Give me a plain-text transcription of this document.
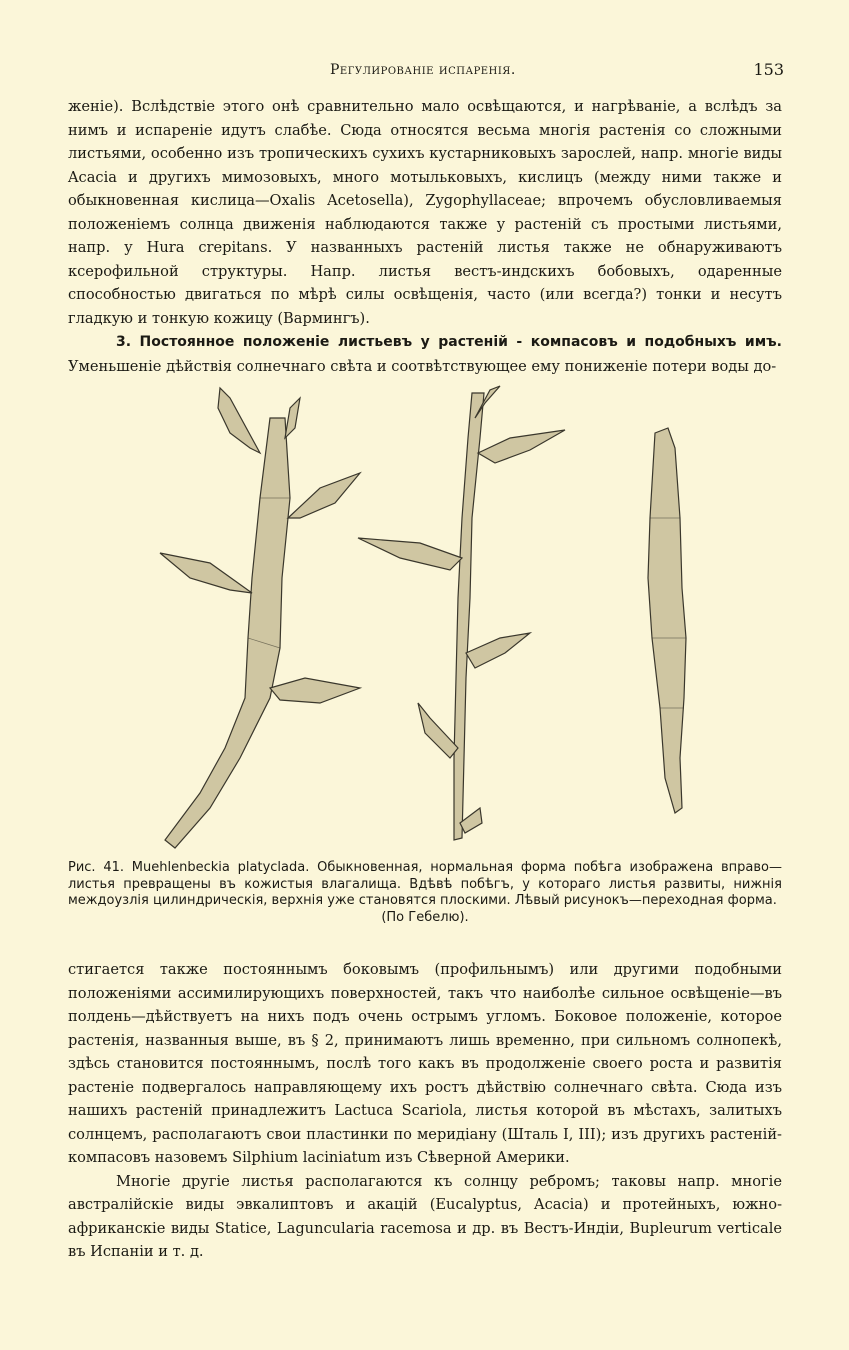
Регулированіе испаренія.	153

женіе). Вслѣдствіе этого онѣ сравнительно мало освѣщаются, и нагрѣваніе, а вслѣдъ за нимъ и испареніе идутъ слабѣе. Сюда относятся весьма многія растенія со сложными листьями, особенно изъ тропическихъ сухихъ кустарниковыхъ зарослей, напр. многіе виды Acacia и другихъ мимозовыхъ, много мотыльковыхъ, кислицъ (между ними также и обыкновенная кислица—Oxalis Acetosella), Zygophyllaceae; впрочемъ обусловливаемыя положеніемъ солнца движенія наблюдаются также у растеній съ простыми листьями, напр. у Hura crepitans. У названныхъ растеній листья также не обнаруживаютъ ксерофильной структуры. Напр. листья вестъ-индскихъ бобовыхъ, одаренные способностью двигаться по мѣрѣ силы освѣщенія, часто (или всегда?) тонки и несутъ гладкую и тонкую кожицу (Вармингъ).

3. Постоянное положеніе листьевъ у растеній - компасовъ и подобныхъ имъ. Уменьшеніе дѣйствія солнечнаго свѣта и соотвѣтствующее ему пониженіе потери воды до-

Рис. 41. Muehlenbeckia platyclada. Обыкновенная, нормальная форма побѣга изображена вправо—листья превращены въ кожистыя влагалища. Вдѣвѣ побѣгъ, у котораго листья развиты, нижнія междоузлія цилиндрическія, верхнія уже становятся плоскими. Лѣвый рисунокъ—переходная форма.
(По Гебелю).

стигается также постояннымъ боковымъ (профильнымъ) или другими подобными положеніями ассимилирующихъ поверхностей, такъ что наиболѣе сильное освѣщеніе—въ полдень—дѣйствуетъ на нихъ подъ очень острымъ угломъ. Боковое положеніе, которое растенія, названныя выше, въ § 2, принимаютъ лишь временно, при сильномъ солнопекѣ, здѣсь становится постояннымъ, послѣ того какъ въ продолженіе своего роста и развитія растеніе подвергалось направляющему ихъ ростъ дѣйствію солнечнаго свѣта. Сюда изъ нашихъ растеній принадлежитъ Lactuca Scariola, листья которой въ мѣстахъ, залитыхъ солнцемъ, располагаютъ свои пластинки по меридіану (Шталь I, III); изъ другихъ растеній-компасовъ назовемъ Silphium laciniatum изъ Сѣверной Америки.

Многіе другіе листья располагаются къ солнцу ребромъ; таковы напр. многіе австралійскіе виды эвкалиптовъ и акацій (Eucalyptus, Acacia) и протейныхъ, южно-африканскіе виды Statice, Laguncularia racemosa и др. въ Вестъ-Индіи, Bupleurum verticale въ Испаніи и т. д.
